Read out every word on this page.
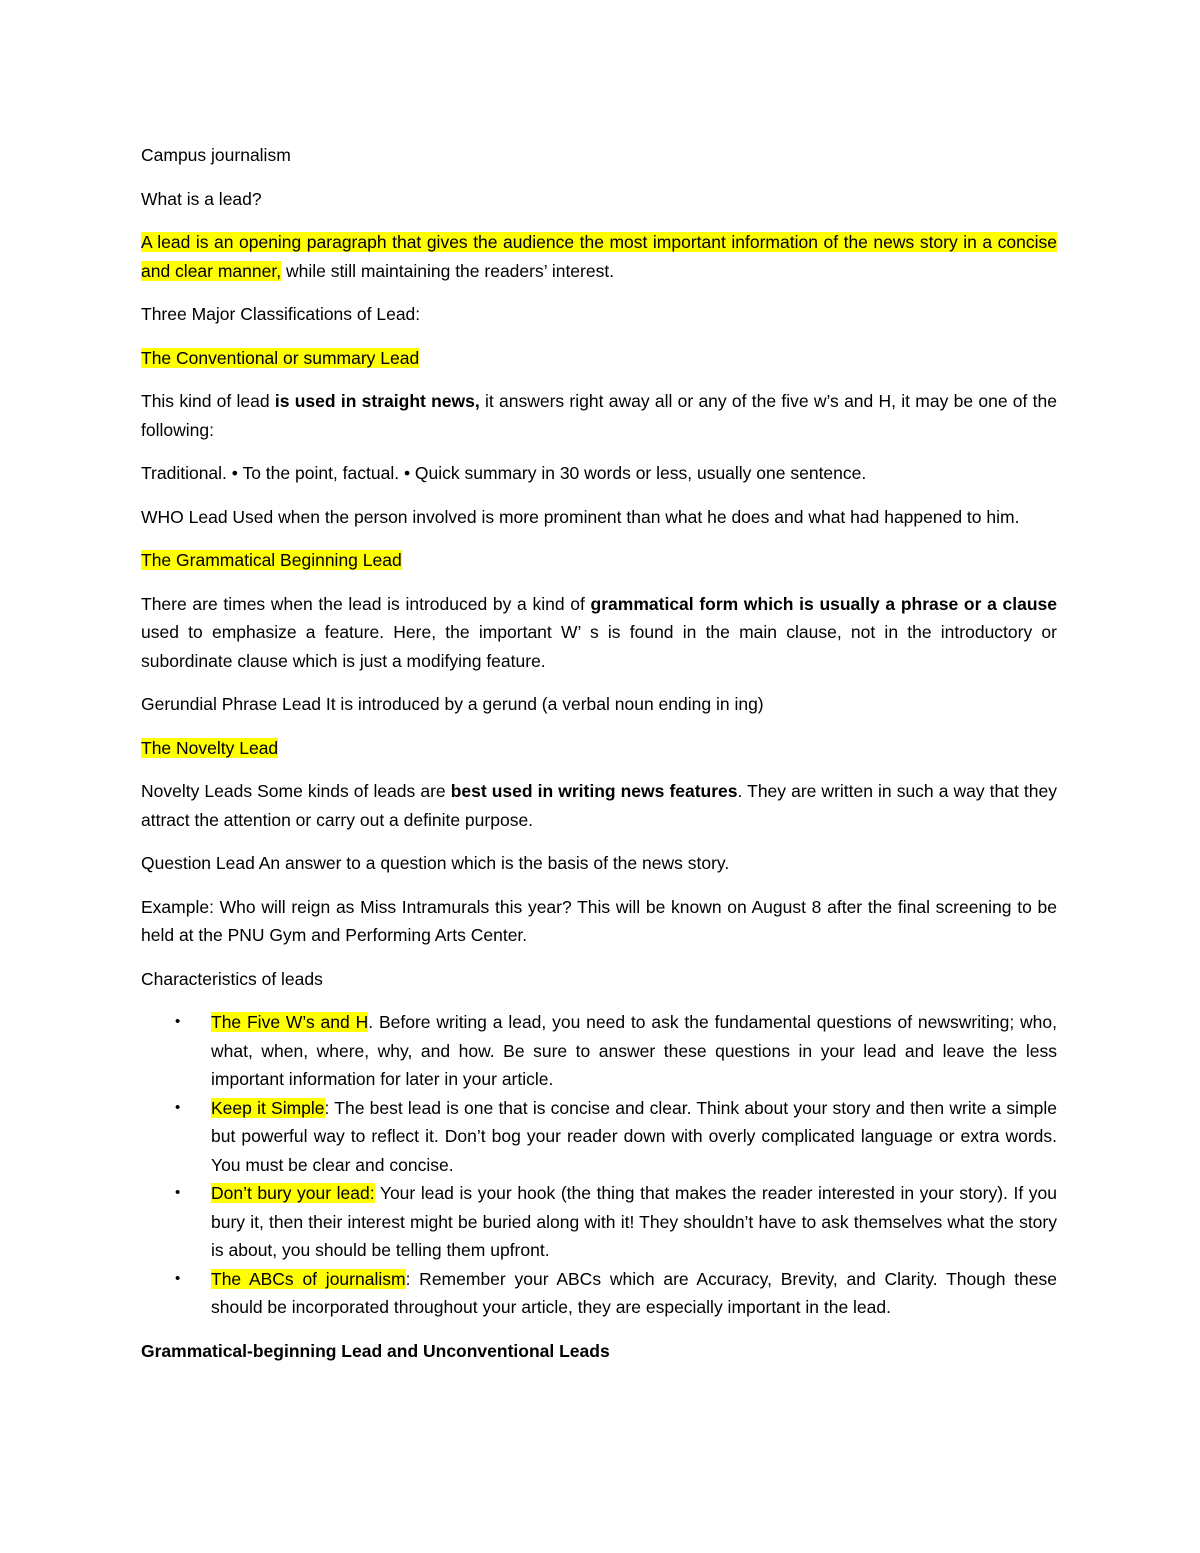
Campus journalism

What is a lead?

A lead is an opening paragraph that gives the audience the most important information of the news story in a concise and clear manner, while still maintaining the readers’ interest.

Three Major Classifications of Lead:

The Conventional or summary Lead

This kind of lead is used in straight news, it answers right away all or any of the five w’s and H, it may be one of the following:

Traditional. • To the point, factual. • Quick summary in 30 words or less, usually one sentence.

WHO Lead Used when the person involved is more prominent than what he does and what had happened to him.

The Grammatical Beginning Lead

There are times when the lead is introduced by a kind of grammatical form which is usually a phrase or a clause used to emphasize a feature. Here, the important W’ s is found in the main clause, not in the introductory or subordinate clause which is just a modifying feature.

Gerundial Phrase Lead It is introduced by a gerund (a verbal noun ending in ing)

The Novelty Lead

Novelty Leads Some kinds of leads are best used in writing news features. They are written in such a way that they attract the attention or carry out a definite purpose.

Question Lead An answer to a question which is the basis of the news story.

Example: Who will reign as Miss Intramurals this year? This will be known on August 8 after the final screening to be held at the PNU Gym and Performing Arts Center.

Characteristics of leads

• The Five W’s and H. Before writing a lead, you need to ask the fundamental questions of newswriting; who, what, when, where, why, and how. Be sure to answer these questions in your lead and leave the less important information for later in your article.
• Keep it Simple: The best lead is one that is concise and clear. Think about your story and then write a simple but powerful way to reflect it. Don’t bog your reader down with overly complicated language or extra words. You must be clear and concise.
• Don’t bury your lead: Your lead is your hook (the thing that makes the reader interested in your story). If you bury it, then their interest might be buried along with it! They shouldn’t have to ask themselves what the story is about, you should be telling them upfront.
• The ABCs of journalism: Remember your ABCs which are Accuracy, Brevity, and Clarity. Though these should be incorporated throughout your article, they are especially important in the lead.

Grammatical-beginning Lead and Unconventional Leads
